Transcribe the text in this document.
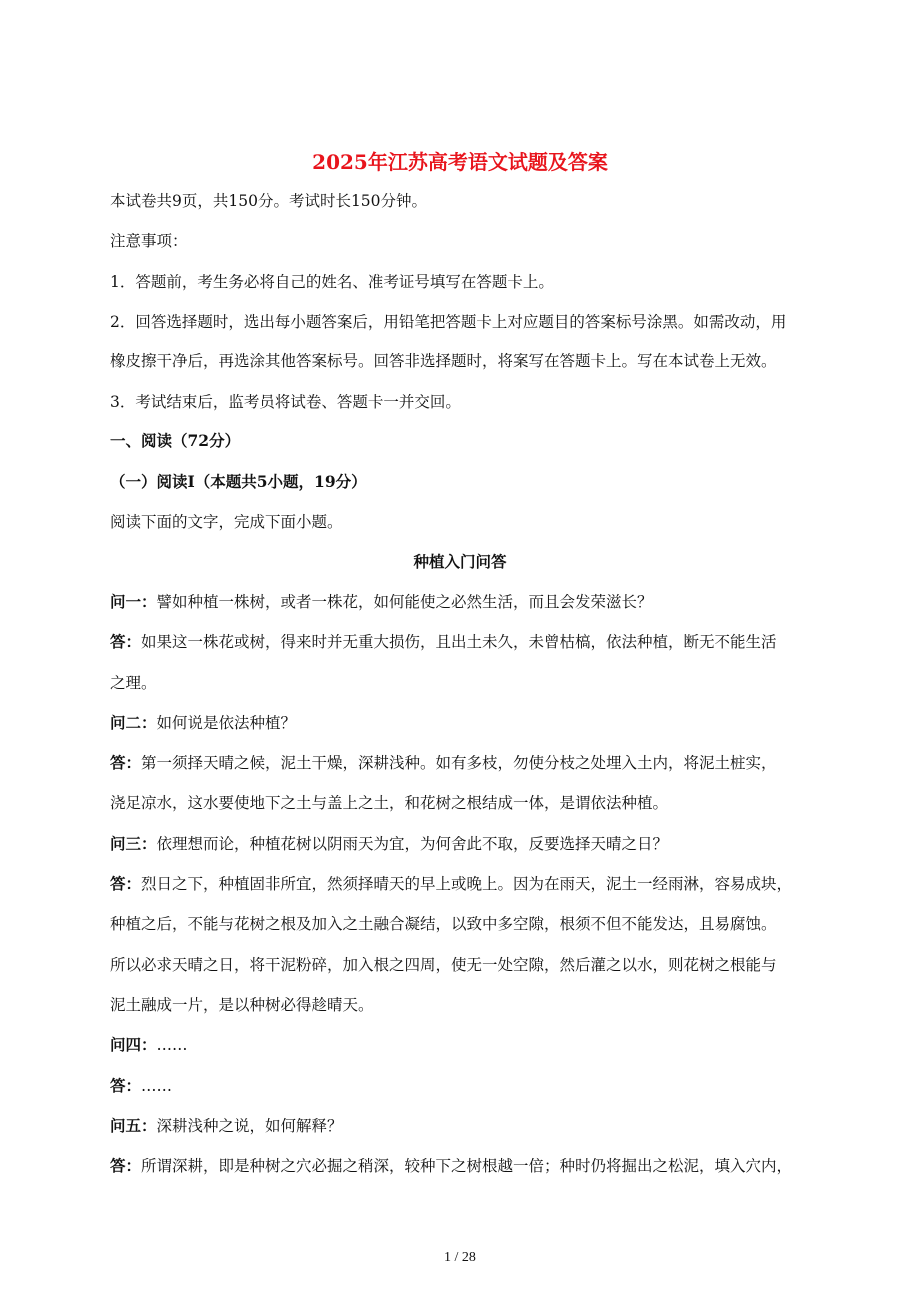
2025年江苏高考语文试题及答案
本试卷共9页，共150分。考试时长150分钟。
注意事项：
1．答题前，考生务必将自己的姓名、准考证号填写在答题卡上。
2．回答选择题时，选出每小题答案后，用铅笔把答题卡上对应题目的答案标号涂黑。如需改动，用
橡皮擦干净后，再选涂其他答案标号。回答非选择题时，将案写在答题卡上。写在本试卷上无效。
3．考试结束后，监考员将试卷、答题卡一并交回。
一、阅读（72分）
（一）阅读I（本题共5小题，19分）
阅读下面的文字，完成下面小题。
种植入门问答
问一：譬如种植一株树，或者一株花，如何能使之必然生活，而且会发荣滋长？
答：如果这一株花或树，得来时并无重大损伤，且出土未久，未曾枯槁，依法种植，断无不能生活
之理。
问二：如何说是依法种植？
答：第一须择天晴之候，泥土干燥，深耕浅种。如有多枝，勿使分枝之处埋入土内，将泥土桩实，
浇足凉水，这水要使地下之土与盖上之土，和花树之根结成一体，是谓依法种植。
问三：依理想而论，种植花树以阴雨天为宜，为何舍此不取，反要选择天晴之日？
答：烈日之下，种植固非所宜，然须择晴天的早上或晚上。因为在雨天，泥土一经雨淋，容易成块，
种植之后，不能与花树之根及加入之土融合凝结，以致中多空隙，根须不但不能发达，且易腐蚀。
所以必求天晴之日，将干泥粉碎，加入根之四周，使无一处空隙，然后灌之以水，则花树之根能与
泥土融成一片，是以种树必得趁晴天。
问四：……
答：……
问五：深耕浅种之说，如何解释？
答：所谓深耕，即是种树之穴必掘之稍深，较种下之树根越一倍；种时仍将掘出之松泥，填入穴内，
1 / 28
